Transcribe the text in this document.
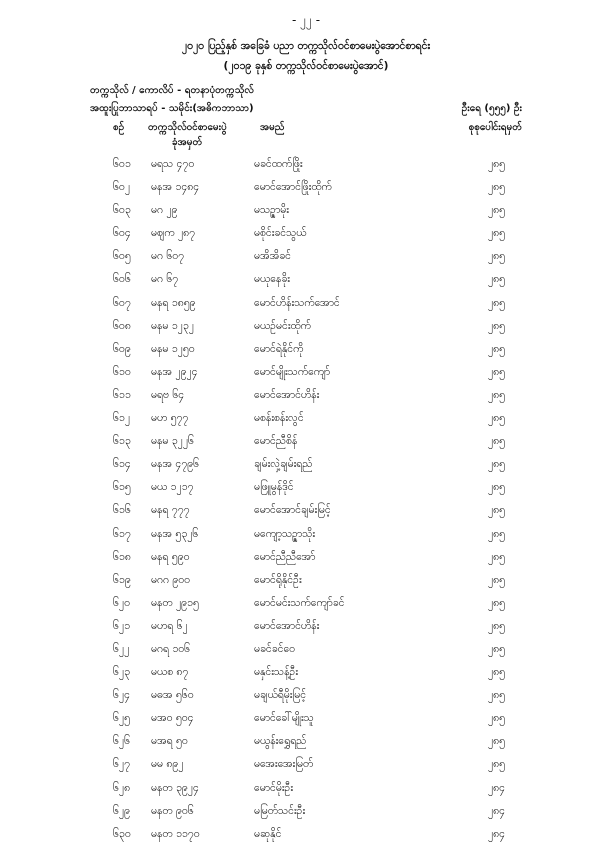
- ၂၂ -
၂၀၂၀ ပြည့်နှစ် အခြေခံ ပညာ တက္ကသိုလ်ဝင်စာမေးပွဲအောင်စာရင်း
(၂၀၁၉ ခုနှစ် တက္ကသိုလ်ဝင်စာမေးပွဲအောင်)
တက္ကသိုလ် / ကောလိပ် - ရတနာပုံတက္ကသိုလ်
အထူးပြုဘာသာရပ် - သမိုင်း(အဓိကဘာသာ)	ဦးရေ (၅၅၅) ဦး
စဉ် တက္ကသိုလ်ဝင်စာမေးပွဲ
ခုံအမှတ်
အမည်	စုစုပေါင်းရမှတ်
၆၀၁ မရသ ၄၇၀	မခင်ထက်ဖြိုး	၂၈၅
၆၀၂ မနအ ၁၄၈၄	မောင်အောင်ဖြိုးထိုက်	၂၈၅
၆၀၃ မဂ ၂၉	မသဉ္ဇာမိုး	၂၈၅
၆၀၄ မဈက ၂၈၇	မစိုင်းခင်သွယ်	၂၈၅
၆၀၅ မဂ ၆၀၇	မအိအိခင်	၂၈၅
၆၀၆ မဂ ၆၇	မယုနေခိုး	၂၈၅
၆၀၇ မနရ ၁၈၅၉	မောင်ဟိန်းသက်အောင်	၂၈၅
၆၀၈ မနမ ၁၂၃၂	မယဉ်မင်းထိုက်	၂၈၅
၆၀၉ မနမ ၁၂၅၀	မောင်ရဲနိုင်ကို	၂၈၅
၆၁၀ မနအ ၂၉၂၄	မောင်မျိုးသက်ကျော်	၂၈၅
၆၁၁ မရဗ ၆၄	မောင်အောင်ဟိန်း	၂၈၅
၆၁၂ မဟ ၅၇၇	မစန်းစန်းလွင်	၂၈၅
၆၁၃ မနမ ၃၂၂၆	မောင်ညီစိန်	၂၈၅
၆၁၄ မနအ ၄၇၉၆	ချမ်းလှဲ့ချမ်းရည်	၂၈၅
၆၁၅ မယ ၁၂၁၇	မဖြူမွန်ဒိုင်	၂၈၅
၆၁၆ မနရ ၇၇၇	မောင်အောင်ချမ်းမြင့်	၂၈၅
၆၁၇ မနအ ၅၃၂၆	မကျော့သဉ္ဇာသိုး	၂၈၅
၆၁၈ မနရ ၅၉၀	မောင်ညီညီအော်	၂၈၅
၆၁၉ မဂဂ ၉၀၀	မောင်ရိုနိုင်ဦး	၂၈၅
၆၂၀ မနတ ၂၉၁၅	မောင်မင်းသက်ကျော်ခင်	၂၈၅
၆၂၁ မဟရ ၆၂	မောင်အောင်ဟိန်း	၂၈၅
၆၂၂ မဂရ ၁၀၆	မခင်ခင်ဝေ	၂၈၅
၆၂၃ မယစ ၈၇	မနှင်းသန့်ဦး	၂၈၅
၆၂၄ မဓအ ၅၆၀	မချယ်ရီမိုးမြင့်	၂၈၅
၆၂၅ မအဝ ၅၀၄	မောင်ခေါ်မျိုးသူ	၂၈၅
၆၂၆ မအရ ၅၀	မယွန်းရွှေရည်	၂၈၅
၆၂၇ မမ ၈၉၂	မအေးအေးမြတ်	၂၈၅
၆၂၈ မနတ ၃၉၂၄	မောင်မိုးဦး	၂၈၄
၆၂၉ မနတ ၉၀၆	မမြတ်သင်းဦး	၂၈၄
၆၃၀ မနတ ၁၁၇၀	မဆုနိုင်	၂၈၄
